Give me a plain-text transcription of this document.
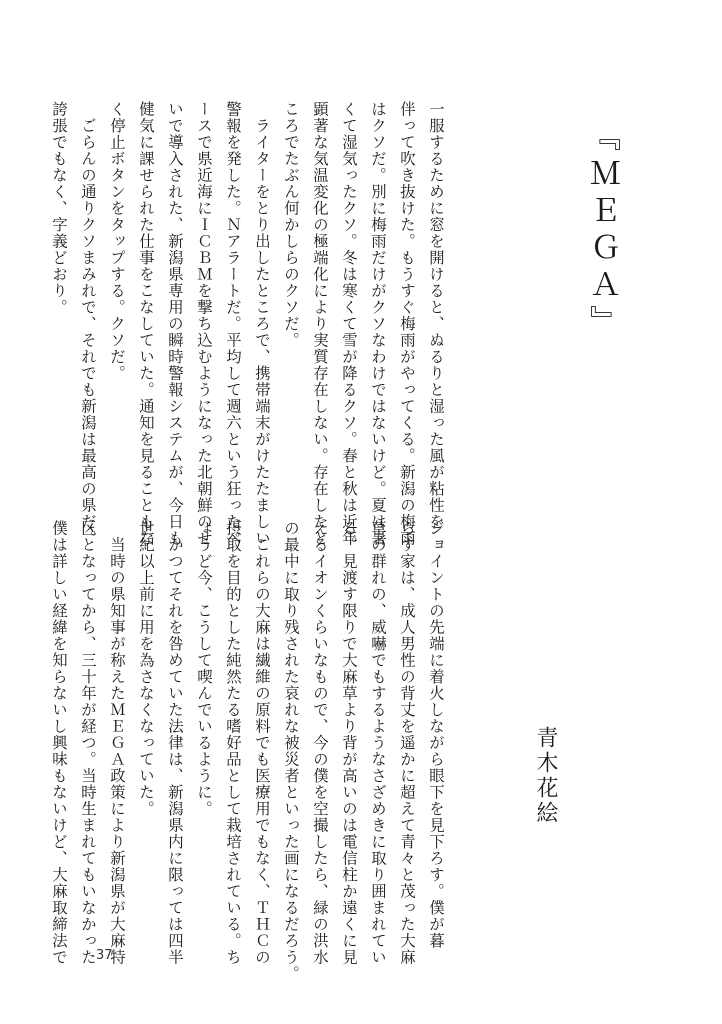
『ＭＥＧＡ』
青木花絵
一服するために窓を開けると、ぬるりと湿った風が粘性を
伴って吹き抜けた。もうすぐ梅雨がやってくる。新潟の梅雨
はクソだ。別に梅雨だけがクソなわけではないけど。夏は暑
くて湿気ったクソ。冬は寒くて雪が降るクソ。春と秋は近年
顕著な気温変化の極端化により実質存在しない。存在したと
ころでたぶん何かしらのクソだ。
　ライターをとり出したところで、携帯端末がけたたましい
警報を発した。Ｎアラートだ。平均して週六という狂ったペ
ースで県近海にＩＣＢＭを撃ち込むようになった北朝鮮のせ
いで導入された、新潟県専用の瞬時警報システムが、今日も
健気に課せられた仕事をこなしていた。通知を見ることもな
く停止ボタンをタップする。クソだ。
　ごらんの通りクソまみれで、それでも新潟は最高の県だ。
誇張でもなく、字義どおり。
ジョイントの先端に着火しながら眼下を見下ろす。僕が暮
らす家は、成人男性の背丈を遥かに超えて青々と茂った大麻
草の群れの、威嚇でもするようなさざめきに取り囲まれてい
る。見渡す限りで大麻草より背が高いのは電信柱か遠くに見
えるイオンくらいなもので、今の僕を空撮したら、緑の洪水
の最中に取り残された哀れな被災者といった画になるだろう。
　これらの大麻は繊維の原料でも医療用でもなく、ＴＨＣの
摂取を目的とした純然たる嗜好品として栽培されている。ち
ょうど今、こうして喫んでいるように。
　かつてそれを咎めていた法律は、新潟県内に限っては四半
世紀以上前に用を為さなくなっていた。
　当時の県知事が称えたＭＥＧＡ政策により新潟県が大麻特
区となってから、三十年が経つ。当時生まれてもいなかった
僕は詳しい経緯を知らないし興味もないけど、大麻取締法で	37
